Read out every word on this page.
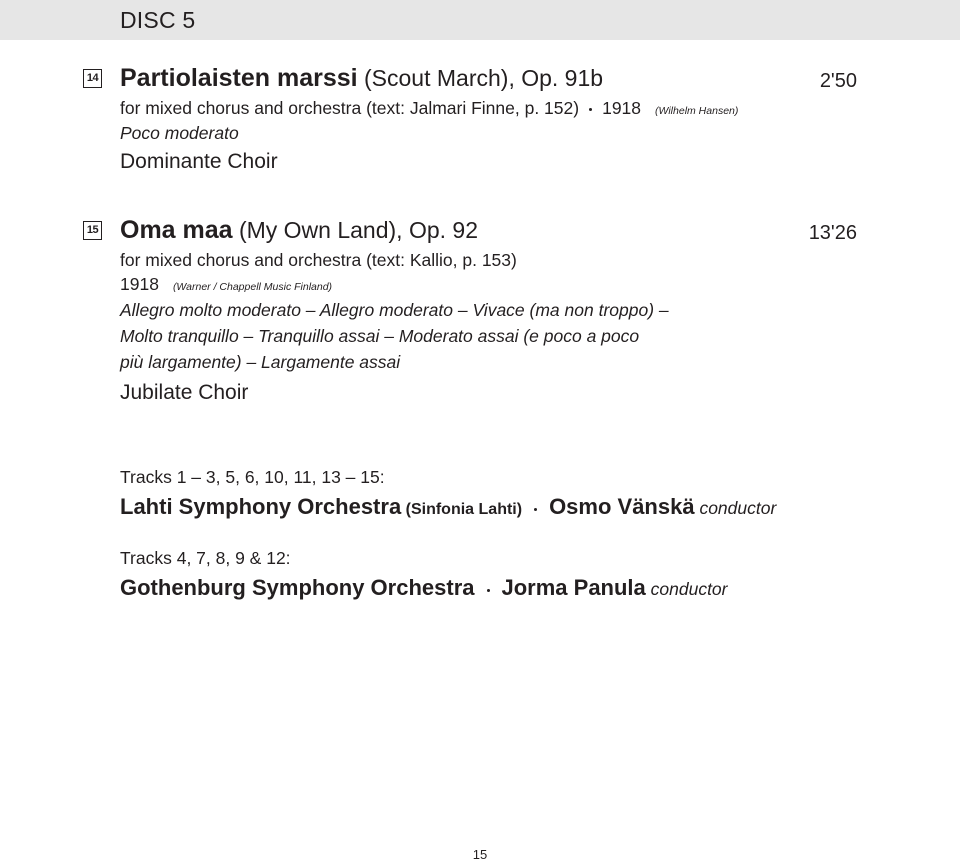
DISC 5
14 Partiolaisten marssi (Scout March), Op. 91b	2'50
for mixed chorus and orchestra (text: Jalmari Finne, p. 152) 1918 (Wilhelm Hansen)
Poco moderato
Dominante Choir
15 Oma maa (My Own Land), Op. 92	13'26
for mixed chorus and orchestra (text: Kallio, p. 153)
1918 (Warner / Chappell Music Finland)
Allegro molto moderato – Allegro moderato – Vivace (ma non troppo) –
Molto tranquillo – Tranquillo assai – Moderato assai (e poco a poco
più largamente) – Largamente assai
Jubilate Choir
Tracks 1 – 3, 5, 6, 10, 11, 13 – 15:
Lahti Symphony Orchestra (Sinfonia Lahti) Osmo Vänskä conductor
Tracks 4, 7, 8, 9 & 12:
Gothenburg Symphony Orchestra Jorma Panula conductor
15
